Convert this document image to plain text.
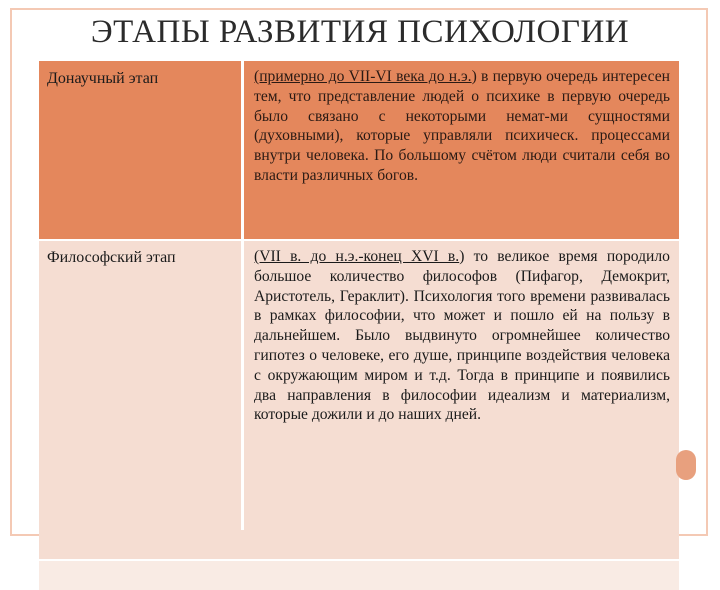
ЭТАПЫ РАЗВИТИЯ ПСИХОЛОГИИ
Донаучный этап	(примерно до VII-VI века до н.э.) в первую очередь интересен тем, что представление людей о психике в первую очередь было связано с некоторыми немат-ми сущностями (духовными), которые управляли психическ. процессами внутри человека. По большому счётом люди считали себя во власти различных богов.
Философский этап	(VII в. до н.э.-конец XVI в.) то великое время породило большое количество философов (Пифагор, Демокрит, Аристотель, Гераклит). Психология того времени развивалась в рамках философии, что может и пошло ей на пользу в дальнейшем. Было выдвинуто огромнейшее количество гипотез о человеке, его душе, принципе воздействия человека с окружающим миром и т.д. Тогда в принципе и появились два направления в философии идеализм и материализм, которые дожили и до наших дней.
